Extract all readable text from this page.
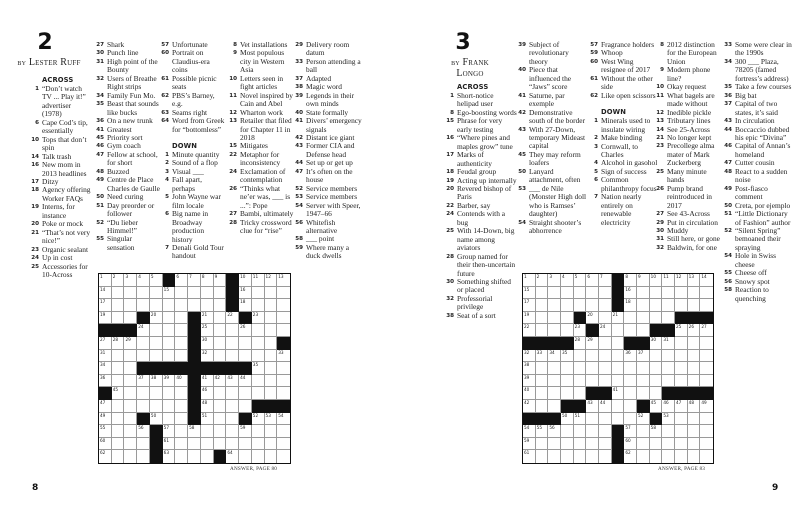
2
by Lester Ruff
ACROSS
1 “Don’t watch TV ... Play it!” advertiser (1978)
6 Cape Cod’s tip, essentially
10 Tops that don’t spin
14 Talk trash
16 New mom in 2013 headlines
17 Ditzy
18 Agency offering Worker FAQs
19 Interns, for instance
20 Poke or mock
21 “That’s not very nice!”
23 Organic sealant
24 Up in cost
25 Accessories for 10-Across
27 Shark
30 Punch line
31 High point of the Bounty
32 Users of Breathe Right strips
34 Family Fun Mo.
35 Beast that sounds like bucks
36 On a new trunk
41 Greatest
45 Priority sort
46 Gym coach
47 Fellow at school, for short
48 Buzzed
49 Centre de Place Charles de Gaulle
50 Need curing
51 Day preorder or follower
52 “Du lieber Himmel!”
55 Singular sensation
57 Unfortunate
60 Portrait on Claudius-era coins
61 Possible picnic seats
62 PBS’s Barney, e.g.
63 Seams right
64 Word from Greek for “bottomless”
DOWN
1 Minute quantity
2 Sound of a flop
3 Visual ___
4 Fall apart, perhaps
5 John Wayne war film locale
6 Big name in Broadway production history
7 Denali Gold Tour handout
8 Vet installations
9 Most populous city in Western Asia
10 Letters seen in fight articles
11 Novel inspired by Cain and Abel
12 Wharton work
13 Retailer that filed for Chapter 11 in 2018
15 Mitigates
22 Metaphor for inconsistency
24 Exclamation of contemplation
26 “Thinks what ne’er was, ___ is ...”: Pope
27 Bambi, ultimately
28 Tricky crossword clue for “rise”
29 Delivery room datum
33 Person attending a ball
37 Adapted
38 Magic word
39 Legends in their own minds
40 State formally
41 Divers’ emergency signals
42 Distant ice giant
43 Former CIA and Defense head
44 Set up or get up
47 It’s often on the house
52 Service members
53 Service members
54 Server with Speer, 1947–66
56 Whitefish alternative
58 ___ point
59 Where many a duck dwells
1 2 3 4 5	6 7 8 9	10 11 12 13
14	15	16
17	18
19	20	21	22	23
24	25	26
27 28 29	30
31	32	33
34	35
36	37 38 39 40	41 42 43 44
45	46
47	48
49	50	51	52 53 54
55	56	57	58	59
60	61
62	63	64
ANSWER, PAGE 80
8
3
by Frank Longo
ACROSS
1 Short-notice helipad user
8 Ego-boosting words
15 Phrase for very early testing
16 “Where pines and maples grow” tune
17 Marks of authenticity
18 Feudal group
19 Acting up internally
20 Revered bishop of Paris
22 Barber, say
24 Contends with a bug
25 With 14-Down, big name among aviators
28 Group named for their then-uncertain future
30 Something shifted or placed
32 Professorial privilege
38 Seat of a sort
39 Subject of revolutionary theory
40 Piece that influenced the “Jaws” score
41 Saturne, par exemple
42 Demonstrative south of the border
43 With 27-Down, temporary Mideast capital
45 They may reform loafers
50 Lanyard attachment, often
53 ___ de Nile (Monster High doll who is Ramses’ daughter)
54 Straight shooter’s abhorrence
57 Fragrance holders
59 Whoop
60 West Wing resignee of 2017
61 Without the other side
62 Like open scissors
DOWN
1 Minerals used to insulate wiring
2 Make binding
3 Cornwall, to Charles
4 Alcohol in gasohol
5 Sign of success
6 Common philanthropy focus
7 Nation nearly entirely on renewable electricity
8 2012 distinction for the European Union
9 Modern phone line?
10 Okay request
11 What bagels are made without
12 Inedible pickle
13 Tributary lines
14 See 25-Across
21 No longer kept
23 Precollege alma mater of Mark Zuckerberg
25 Many minute hands
26 Pump brand reintroduced in 2017
27 See 43-Across
29 Put in circulation
30 Muddy
31 Still here, or gone
32 Baldwin, for one
33 Some were clear in the 1990s
34 300 ___ Plaza, 78205 (famed fortress’s address)
35 Take a few courses
36 Big bat
37 Capital of two states, it’s said
43 In circulation
44 Boccaccio dubbed his epic “Divina”
46 Capital of Annan’s homeland
47 Cutter cousin
48 React to a sudden noise
49 Post-fiasco comment
50 Creta, por ejemplo
51 “Little Dictionary of Fashion” author
52 “Silent Spring” bemoaned their spraying
54 Hole in Swiss cheese
55 Cheese off
56 Snowy spot
58 Reaction to quenching
1 2 3 4 5 6 7	8 9 10 11 12 13 14
15	16
17	18
19	20	21
22	23	24	25 26 27
28 29	30 31
32 33 34 35	36 37
38
39
40	41
42	43 44	45 46 47 48 49
50 51	52	53
54 55 56	57	58
59	60
61	62
ANSWER, PAGE 83
9
